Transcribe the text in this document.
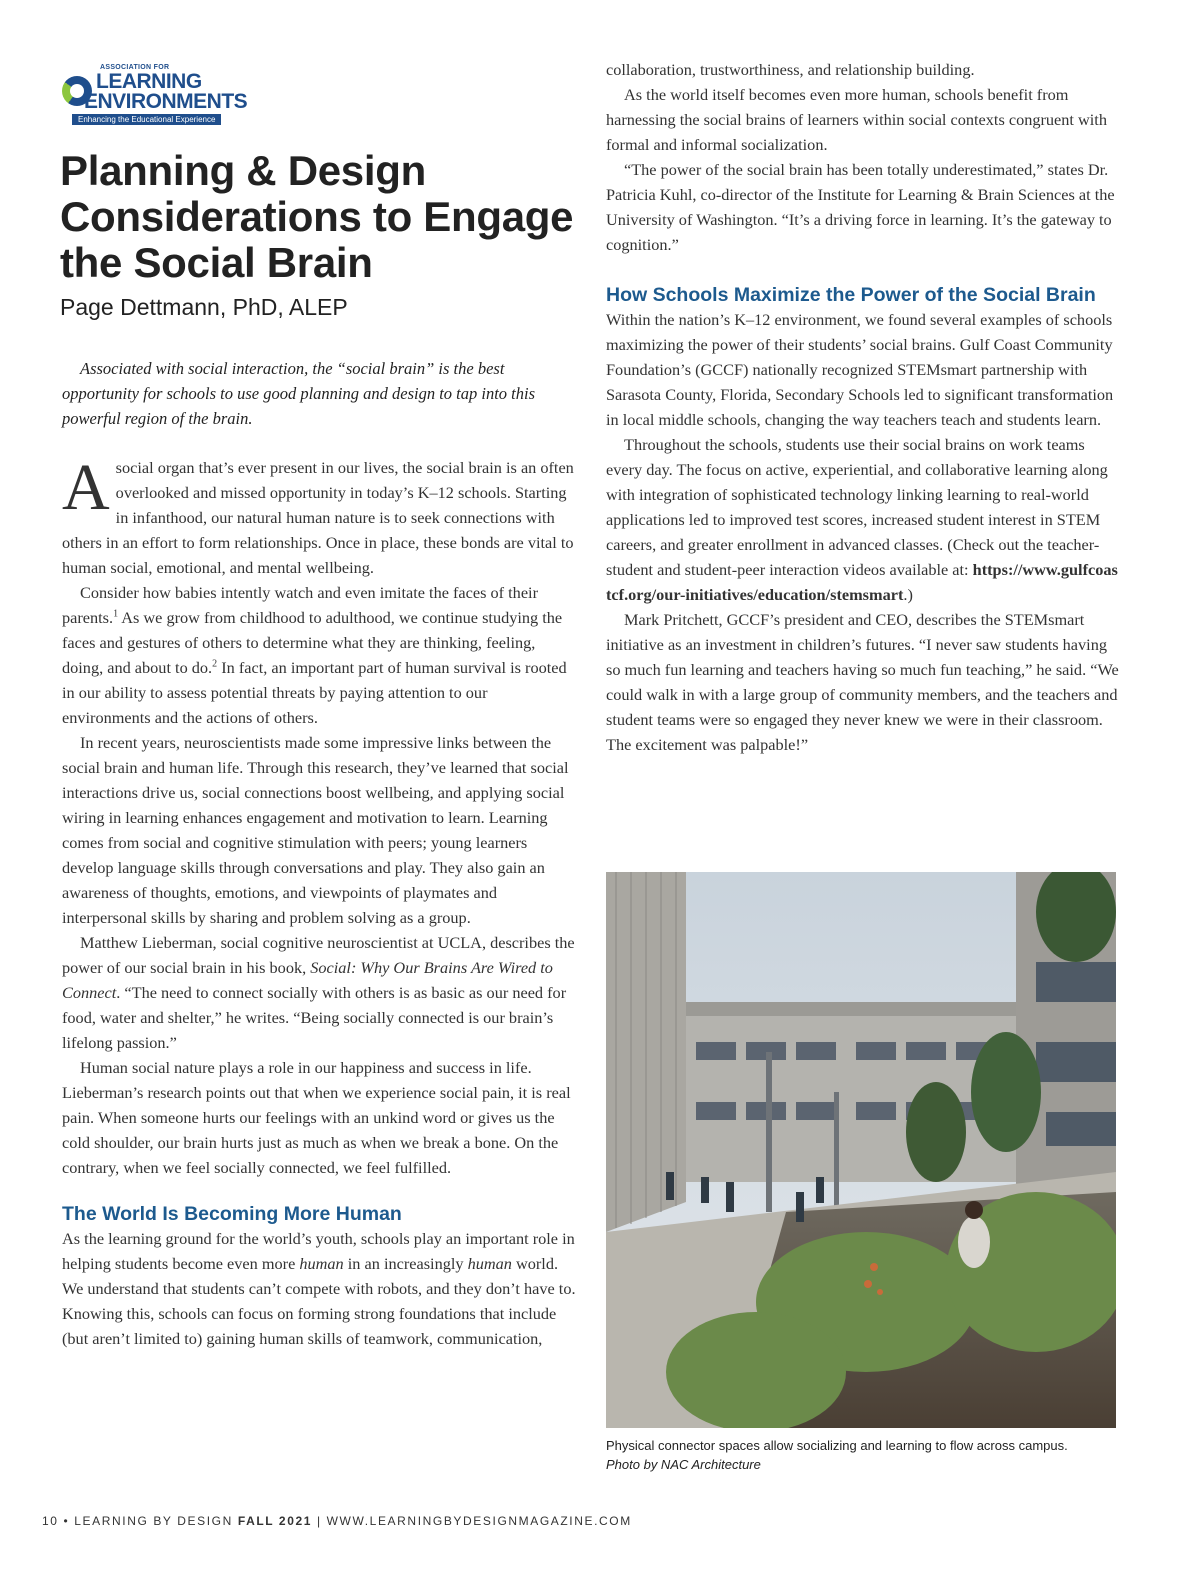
ASSOCIATION FOR
LEARNING
ENVIRONMENTS
Enhancing the Educational Experience
Planning & Design Considerations to Engage the Social Brain

Page Dettmann, PhD, ALEP

Associated with social interaction, the “social brain” is the best opportunity for schools to use good planning and design to tap into this powerful region of the brain.

Asocial organ that’s ever present in our lives, the social brain is an often overlooked and missed opportunity in today’s K–12 schools. Starting in infanthood, our natural human nature is to seek connections with others in an effort to form relationships. Once in place, these bonds are vital to human social, emotional, and mental wellbeing.

Consider how babies intently watch and even imitate the faces of their parents.$^1$ As we grow from childhood to adulthood, we continue studying the faces and gestures of others to determine what they are thinking, feeling, doing, and about to do.$^2$ In fact, an important part of human survival is rooted in our ability to assess potential threats by paying attention to our environments and the actions of others.

In recent years, neuroscientists made some impressive links between the social brain and human life. Through this research, they’ve learned that social interactions drive us, social connections boost wellbeing, and applying social wiring in learning enhances engagement and motivation to learn. Learning comes from social and cognitive stimulation with peers; young learners develop language skills through conversations and play. They also gain an awareness of thoughts, emotions, and viewpoints of playmates and interpersonal skills by sharing and problem solving as a group.

Matthew Lieberman, social cognitive neuroscientist at UCLA, describes the power of our social brain in his book, Social: Why Our Brains Are Wired to Connect. “The need to connect socially with others is as basic as our need for food, water and shelter,” he writes. “Being socially connected is our brain’s lifelong passion.”

Human social nature plays a role in our happiness and success in life. Lieberman’s research points out that when we experience social pain, it is real pain. When someone hurts our feelings with an unkind word or gives us the cold shoulder, our brain hurts just as much as when we break a bone. On the contrary, when we feel socially connected, we feel fulfilled.

The World Is Becoming More Human

As the learning ground for the world’s youth, schools play an important role in helping students become even more human in an increasingly human world. We understand that students can’t compete with robots, and they don’t have to. Knowing this, schools can focus on forming strong foundations that include (but aren’t limited to) gaining human skills of teamwork, communication,

collaboration, trustworthiness, and relationship building.

As the world itself becomes even more human, schools benefit from harnessing the social brains of learners within social contexts congruent with formal and informal socialization.

“The power of the social brain has been totally underestimated,” states Dr. Patricia Kuhl, co-director of the Institute for Learning & Brain Sciences at the University of Washington. “It’s a driving force in learning. It’s the gateway to cognition.”

How Schools Maximize the Power of the Social Brain

Within the nation’s K–12 environment, we found several examples of schools maximizing the power of their students’ social brains. Gulf Coast Community Foundation’s (GCCF) nationally recognized STEMsmart partnership with Sarasota County, Florida, Secondary Schools led to significant transformation in local middle schools, changing the way teachers teach and students learn.

Throughout the schools, students use their social brains on work teams every day. The focus on active, experiential, and collaborative learning along with integration of sophisticated technology linking learning to real-world applications led to improved test scores, increased student interest in STEM careers, and greater enrollment in advanced classes. (Check out the teacher-student and student-peer interaction videos available at: https://www.gulfcoastcf.org/our-initiatives/education/stemsmart.)

Mark Pritchett, GCCF’s president and CEO, describes the STEMsmart initiative as an investment in children’s futures. “I never saw students having so much fun learning and teachers having so much fun teaching,” he said. “We could walk in with a large group of community members, and the teachers and student teams were so engaged they never knew we were in their classroom. The excitement was palpable!”

Physical connector spaces allow socializing and learning to flow across campus.
Photo by NAC Architecture
10 • LEARNING BY DESIGN FALL 2021 | WWW.LEARNINGBYDESIGNMAGAZINE.COM
